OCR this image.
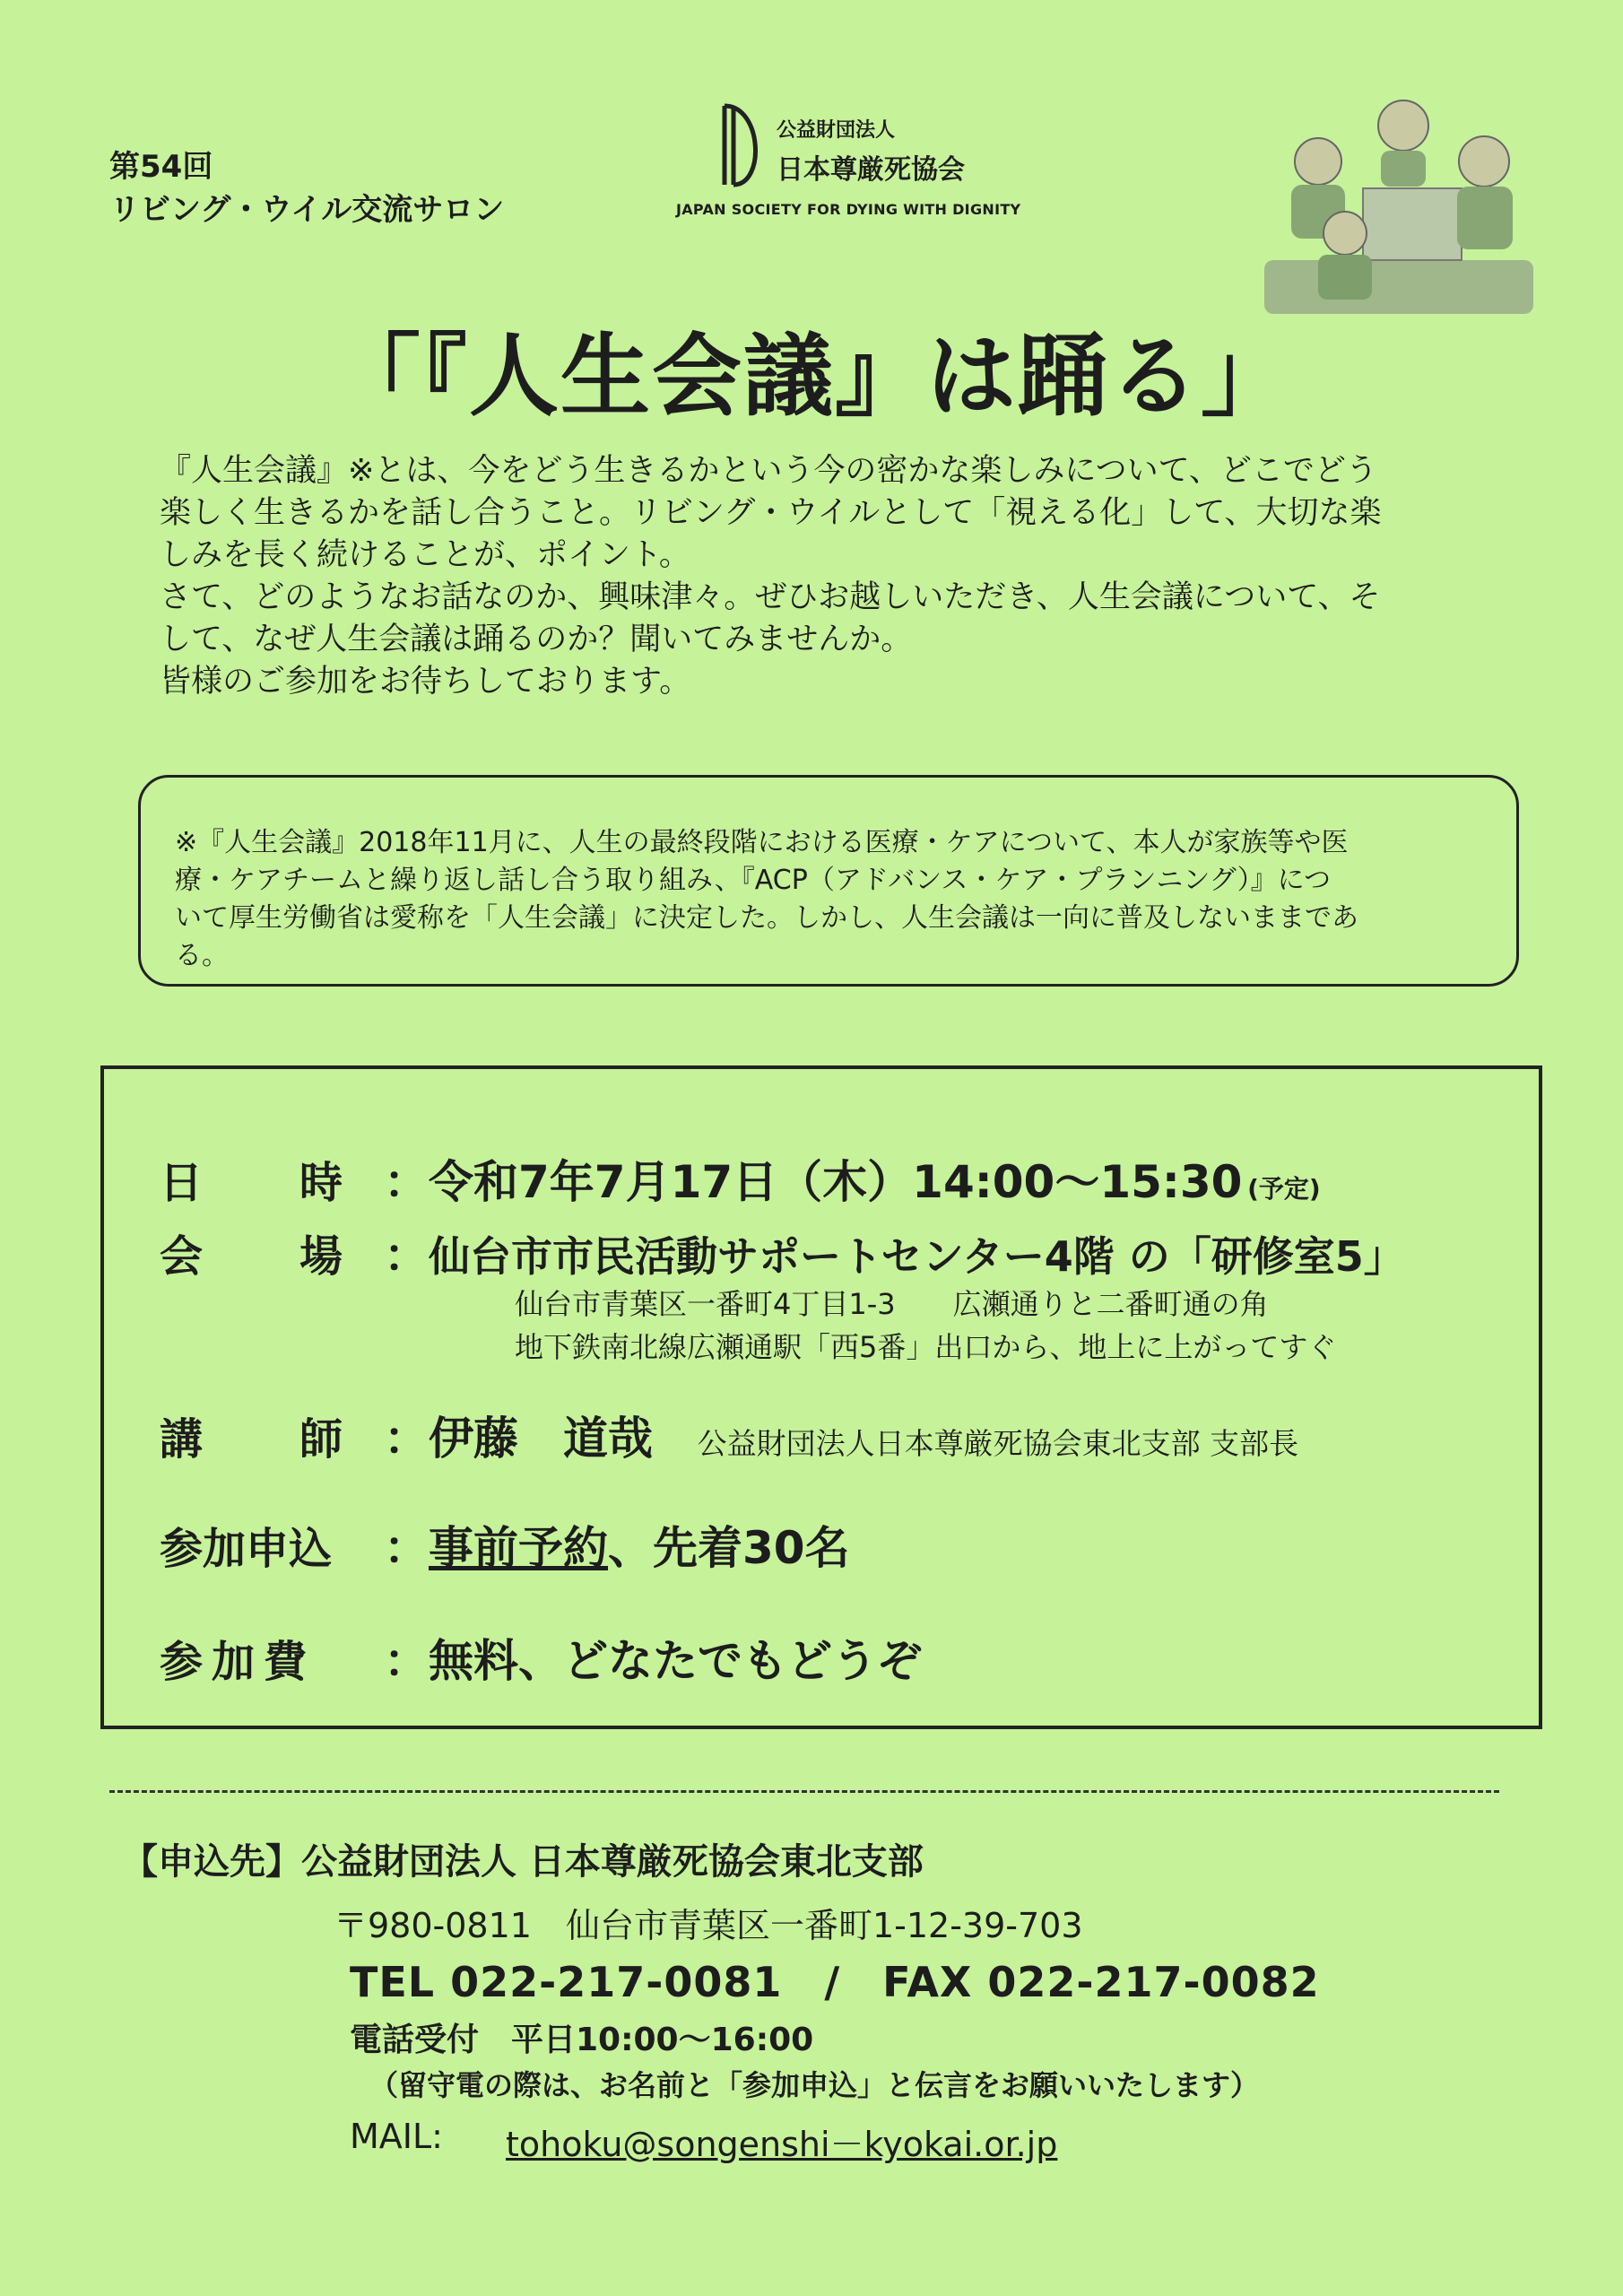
第54回
リビング・ウイル交流サロン
公益財団法人
日本尊厳死協会
JAPAN SOCIETY FOR DYING WITH DIGNITY
「『人生会議』は踊る」

『人生会議』※とは、今をどう生きるかという今の密かな楽しみについて、どこでどう

楽しく生きるかを話し合うこと。リビング・ウイルとして「視える化」して、大切な楽

しみを長く続けることが、ポイント。

さて、どのようなお話なのか、興味津々。ぜひお越しいただき、人生会議について、そ

して、なぜ人生会議は踊るのか？聞いてみませんか。

皆様のご参加をお待ちしております。

※『人生会議』2018年11月に、人生の最終段階における医療・ケアについて、本人が家族等や医
療・ケアチームと繰り返し話し合う取り組み、『ACP（アドバンス・ケア・プランニング）』につ
いて厚生労働省は愛称を「人生会議」に決定した。しかし、人生会議は一向に普及しないままであ
る。
日　時 ：令和7年7月17日（木）14:00～15:30 (予定)
会　場 ：仙台市市民活動サポートセンター4階 の「研修室5」
仙台市青葉区一番町4丁目1-3　　広瀬通りと二番町通の角
地下鉄南北線広瀬通駅「西5番」出口から、地上に上がってすぐ
講　師 ：伊藤　道哉 公益財団法人日本尊厳死協会東北支部 支部長
参加申込 ：事前予約、先着30名
参加費 ：無料、どなたでもどうぞ
【申込先】公益財団法人 日本尊厳死協会東北支部
〒980-0811　仙台市青葉区一番町1-12-39-703
TEL 022-217-0081　/　FAX 022-217-0082
電話受付　平日10:00～16:00
（留守電の際は、お名前と「参加申込」と伝言をお願いいたします）
MAIL: tohoku@songenshi－kyokai.or.jp
